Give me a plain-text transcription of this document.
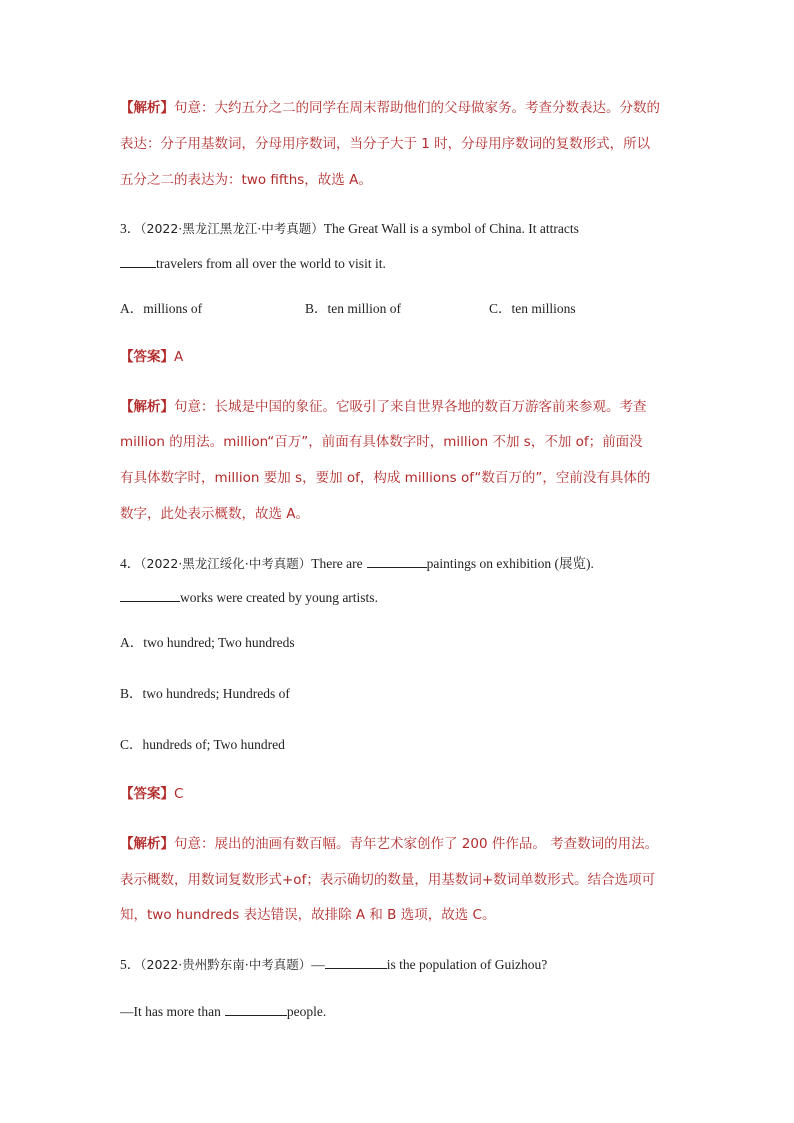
【解析】句意：大约五分之二的同学在周末帮助他们的父母做家务。考查分数表达。分数的
表达：分子用基数词，分母用序数词，当分子大于 1 时，分母用序数词的复数形式，所以
五分之二的表达为：two fifths，故选 A。
3．（2022·黑龙江黑龙江·中考真题）The Great Wall is a symbol of China. It attracts
travelers from all over the world to visit it.
A．millions of	B．ten million of	C．ten millions
【答案】A
【解析】句意：长城是中国的象征。它吸引了来自世界各地的数百万游客前来参观。考查
million 的用法。million“百万”，前面有具体数字时，million 不加 s，不加 of；前面没
有具体数字时，million 要加 s，要加 of，构成 millions of“数百万的”，空前没有具体的
数字，此处表示概数，故选 A。
4．（2022·黑龙江绥化·中考真题）There are	paintings on exhibition (展览).
works were created by young artists.
A．two hundred; Two hundreds
B．two hundreds; Hundreds of
C．hundreds of; Two hundred
【答案】C
【解析】句意：展出的油画有数百幅。青年艺术家创作了 200 件作品。 考查数词的用法。
表示概数，用数词复数形式+of；表示确切的数量，用基数词+数词单数形式。结合选项可
知，two hundreds 表达错误，故排除 A 和 B 选项，故选 C。
5．（2022·贵州黔东南·中考真题）—	is the population of Guizhou?
—It has more than	people.
